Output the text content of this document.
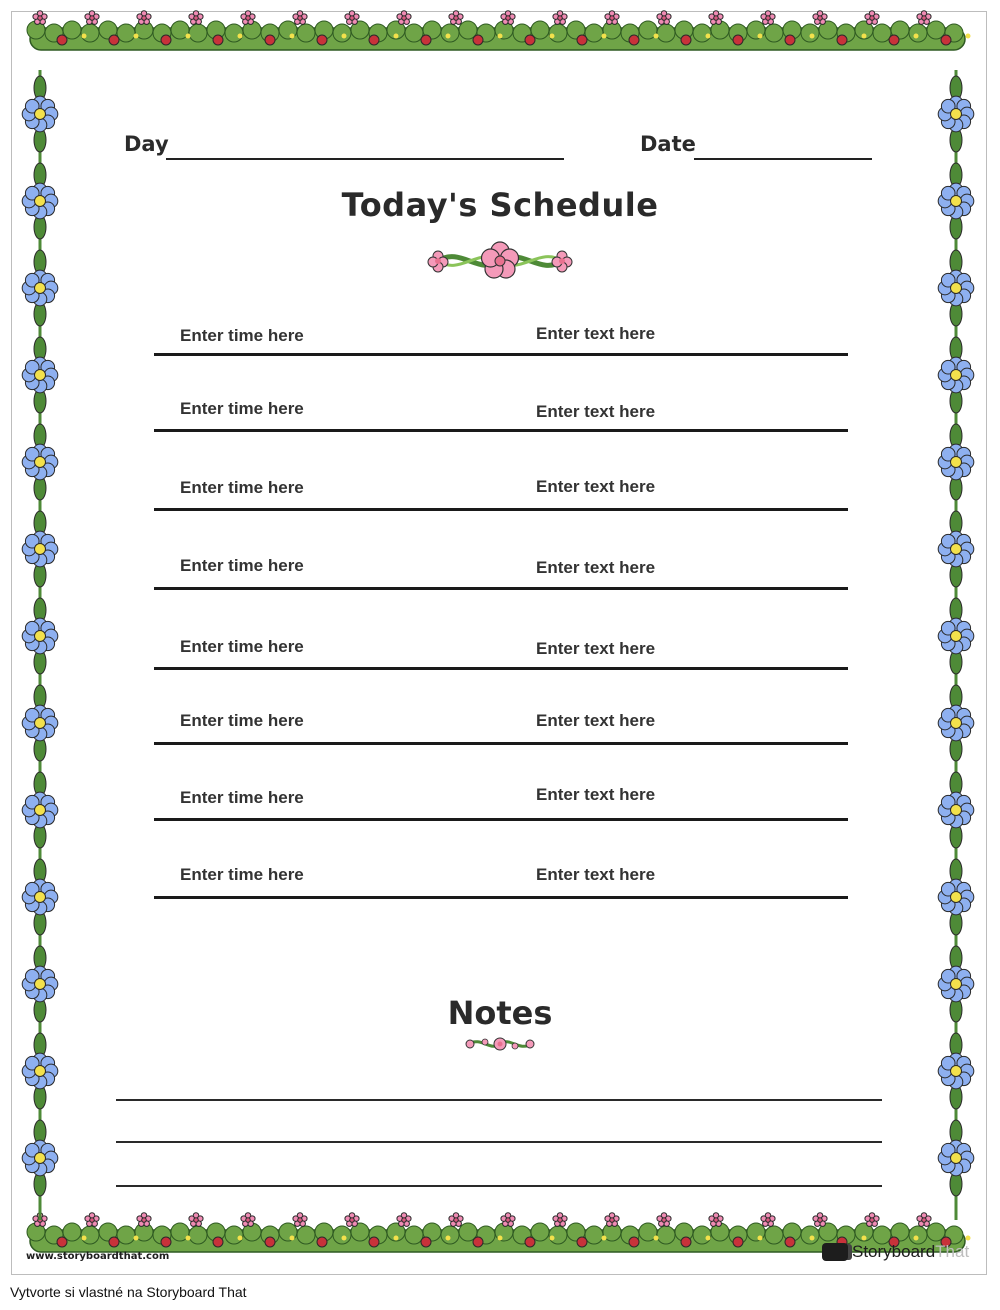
Day	Date
Today's Schedule
Enter time here	Enter text here
Enter time here	Enter text here
Enter time here	Enter text here
Enter time here	Enter text here
Enter time here	Enter text here
Enter time here	Enter text here
Enter time here	Enter text here
Enter time here	Enter text here
Notes
www.storyboardthat.com	Storyboard That
Vytvorte si vlastné na Storyboard That
